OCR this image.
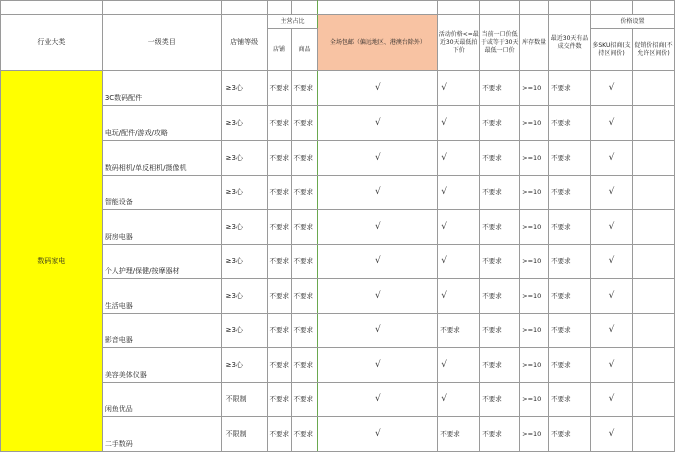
行业大类	一级类目	店铺等级	主营占比		全场包邮（偏远地区、港澳台除外）	活动价格<=最近30天最低拍下价	当前一口价低于或等于30天最低一口价	库存数量	最近30天有品成交件数	价格设置	
			店铺	商品						多SKU招商(支持区间价)	促销价招商(不允许区间价)

数码家电	3C数码配件	≥3心	不要求	不要求	√	√	不要求	>=10	不要求	√	
	电玩/配件/游戏/攻略	≥3心	不要求	不要求	√	√	不要求	>=10	不要求	√	
	数码相机/单反相机/摄像机	≥3心	不要求	不要求	√	√	不要求	>=10	不要求	√	
	智能设备	≥3心	不要求	不要求	√	√	不要求	>=10	不要求	√	
	厨房电器	≥3心	不要求	不要求	√	√	不要求	>=10	不要求	√	
	个人护理/保健/按摩器材	≥3心	不要求	不要求	√	√	不要求	>=10	不要求	√	
	生活电器	≥3心	不要求	不要求	√	√	不要求	>=10	不要求	√	
	影音电器	≥3心	不要求	不要求	√	不要求	不要求	>=10	不要求	√	
	美容美体仪器	≥3心	不要求	不要求	√	√	不要求	>=10	不要求	√	
	闲鱼优品	不限制	不要求	不要求	√	√	不要求	>=10	不要求	√	
	二手数码	不限制	不要求	不要求	√	不要求	不要求	>=10	不要求	√	
